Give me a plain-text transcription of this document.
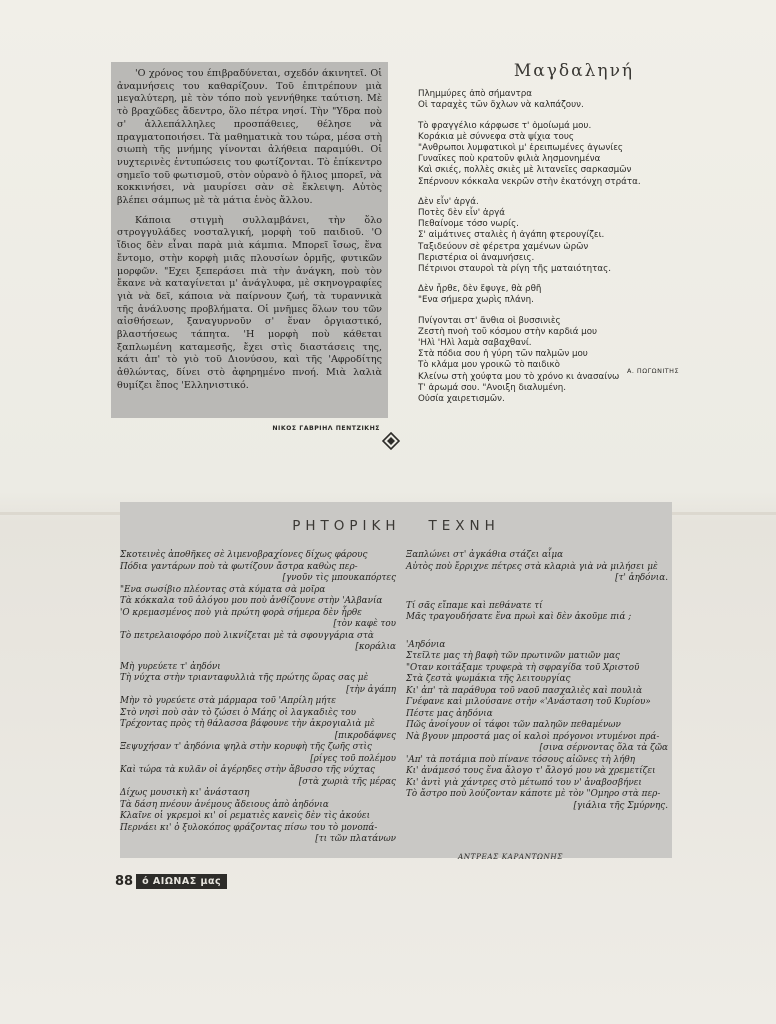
'Ο χρόνος του έπιβραδύνεται, σχεδόν άκινητεῖ. Οἱ ἀναμνήσεις του καθαρίζουν. Τοῦ ἐπιτρέπουν μιὰ μεγαλύτερη, μὲ τὸν τόπο ποὺ γεννήθηκε ταύτιση. Μὲ τὸ βραχῶδες ἄδεντρο, ὅλο πέτρα νησί. Τὴν "Υδρα ποὺ σ' ἀλλεπάλληλες προσπάθειες, θέλησε νὰ πραγματοποιήσει. Τὰ μαθηματικὰ του τώρα, μέσα στὴ σιωπὴ τῆς μνήμης γίνονται ἀλήθεια παραμύθι. Οἱ νυχτερινὲς ἐντυπώσεις του φωτίζονται. Τὸ ἐπίκεντρο σημεῖο τοῦ φωτισμοῦ, στὸν οὐρανὸ ὁ ἥλιος μπορεῖ, νὰ κοκκινήσει, νὰ μαυρίσει σὰν σὲ ἔκλειψη. Αὐτὸς βλέπει σάμπως μὲ τὰ μάτια ἑνὸς ἄλλου.

Κάποια στιγμὴ συλλαμβάνει, τὴν ὅλο στρογγυλάδες νοσταλγική, μορφὴ τοῦ παιδιοῦ. 'Ο ἴδιος δὲν εἶναι παρὰ μιὰ κάμπια. Μπορεῖ ἴσως, ἕνα ἔντομο, στὴν κορφὴ μιᾶς πλουσίων ὁρμῆς, φυτικῶν μορφῶν. "Εχει ξεπεράσει πιὰ τὴν ἀνάγκη, ποὺ τὸν ἔκανε νὰ καταγίνεται μ' ἀνάγλυφα, μὲ σκηνογραφίες γιὰ νὰ δεῖ, κάποια νὰ παίρνουν ζωή, τὰ τυραννικὰ τῆς ἀνάλυσης προβλήματα. Οἱ μνῆμες ὅλων του τῶν αἰσθήσεων, ξαναγυρνοῦν σ' ἕναν ὀργιαστικό, βλαστήσεως τάπητα. 'Η μορφὴ ποὺ κάθεται ξαπλωμένη καταμεσῆς, ἔχει στὶς διαστάσεις της, κάτι ἀπ' τὸ γιὸ τοῦ Διονύσου, καὶ τῆς 'Αφροδίτης ἀθλώντας, δίνει στὸ ἀφηρημένο πνοή. Μιὰ λαλιὰ θυμίζει ἔπος 'Ελληνιστικό.

ΝΙΚΟΣ ΓΑΒΡΙΗΛ ΠΕΝΤΖΙΚΗΣ
Μαγδαληνή
Πλημμύρες ἀπὸ σήμαντρα
Οἱ ταραχὲς τῶν ὄχλων νὰ καλπάζουν.
Τὸ φραγγέλιο κάρφωσε τ' ὁμοίωμά μου.
Κοράκια μὲ σύννεφα στὰ ψίχια τους
"Ανθρωποι λυμφατικοὶ μ' ἐρειπωμένες ἀγωνίες
Γυναῖκες ποὺ κρατοῦν φιλιὰ λησμονημένα
Καὶ σκιές, πολλὲς σκιὲς μὲ λιτανεῖες σαρκασμῶν
Σπέρνουν κόκκαλα νεκρῶν στὴν ἑκατόνχη στράτα.
Δὲν εἶν' ἀργά.
Ποτὲς δὲν εἶν' ἀργά
Πεθαίνομε τόσο νωρίς.
Σ' αἱμάτινες σταλιὲς ἡ ἀγάπη φτερουγίζει.
Ταξιδεύουν σὲ φέρετρα χαμένων ὡρῶν
Περιστέρια οἱ ἀναμνήσεις.
Πέτρινοι σταυροὶ τὰ ρίγη τῆς ματαιότητας.
Δὲν ἦρθε, δὲν ἔφυγε, θὰ ρθῆ
"Ενα σήμερα χωρὶς πλάνη.
Πνίγονται στ' ἄνθια οἱ βυσσινιὲς
Ζεστὴ πνοὴ τοῦ κόσμου στὴν καρδιά μου
'Ηλὶ 'Ηλὶ λαμὰ σαβαχθανί.
Στὰ πόδια σου ἡ γύρη τῶν παλμῶν μου
Τὸ κλάμα μου γροικῶ τὸ παιδικὸ
Κλείνω στὴ χούφτα μου τὸ χρόνο κι ἀνασαίνω
Τ' ἀρωμά σου. "Ανοιξη διαλυμένη.
Οὐσία χαιρετισμῶν.
Α. ΠΩΓΩΝΙΤΗΣ
ΡΗΤΟΡΙΚΗ ΤΕΧΝΗ
Σκοτεινὲς ἀποθῆκες σὲ λιμενοβραχίονες δίχως φάρους
Πόδια γαντάρων ποὺ τὰ φωτίζουν ἄστρα καθὼς περ-
[γνοῦν τὶς μπουκαπόρτες
"Ενα σωσίβιο πλέοντας στὰ κύματα σὰ μοῖρα
Τὰ κόκκαλα τοῦ ἀλόγου μου ποὺ ἀνθίζουνε στὴν 'Αλβανία
'Ο κρεμασμένος ποὺ γιὰ πρώτη φορὰ σήμερα δὲν ἦρθε
[τὸν καφὲ του
Τὸ πετρελαιοφόρο ποὺ λικνίζεται μὲ τὰ σφουγγάρια στὰ
[κοράλια
Μὴ γυρεύετε τ' ἀηδόνι
Τὴ νύχτα στὴν τριανταφυλλιὰ τῆς πρώτης ὥρας σας μὲ
[τὴν ἀγάπη
Μὴν τὸ γυρεύετε στὰ μάρμαρα τοῦ 'Απρίλη μήτε
Στὸ νησὶ ποὺ σὰν τὸ ζώσει ὁ Μάης οἱ λαγκαδιὲς του
Τρέχοντας πρὸς τὴ θάλασσα βάφουνε τὴν ἀκρογιαλιὰ μὲ
[πικροδάφνες
Ξεψυχήσαν τ' ἀηδόνια ψηλὰ στὴν κορυφὴ τῆς ζωῆς στὶς
[ρίγες τοῦ πολέμου
Καὶ τώρα τὰ κυλᾶν οἱ ἀγέρηδες στὴν ἄβυσσο τῆς νύχτας
[στὰ χωριὰ τῆς μέρας
Δίχως μουσικὴ κι' ἀνάσταση
Τὰ δάση πνέουν ἀνέμους ἄδειους ἀπὸ ἀηδόνια
Κλαῖνε οἱ γκρεμοὶ κι' οἱ ρεματιὲς κανεὶς δὲν τὶς ἀκούει
Περνάει κι' ὁ ξυλοκόπος φράζοντας πίσω του τὸ μονοπά-
[τι τῶν πλατάνων
Ξαπλώνει στ' ἀγκάθια στάζει αἷμα
Αὐτὸς ποὺ ἔρριχνε πέτρες στὰ κλαριὰ γιὰ νὰ μιλήσει μὲ
[τ' ἀηδόνια.
Τί σᾶς εἴπαμε καὶ πεθάνατε τί
Μᾶς τραγουδήσατε ἕνα πρωὶ καὶ δὲν ἀκοῦμε πιά ;
'Αηδόνια
Στεῖλτε μας τὴ βαφὴ τῶν πρωτινῶν ματιῶν μας
"Οταν κοιτάξαμε τρυφερὰ τὴ σφραγίδα τοῦ Χριστοῦ
Στὰ ζεστὰ ψωμάκια τῆς λειτουργίας
Κι' ἀπ' τὰ παράθυρα τοῦ ναοῦ πασχαλιὲς καὶ πουλιὰ
Γνέφανε καὶ μιλούσανε στὴν «'Ανάσταση τοῦ Κυρίου»
Πέστε μας ἀηδόνια
Πῶς ἀνοίγουν οἱ τάφοι τῶν παληῶν πεθαμένων
Νὰ βγουν μπροστά μας οἱ καλοὶ πρόγονοι ντυμένοι πρά-
[σινα σέρνοντας ὅλα τὰ ζῶα
'Απ' τὰ ποτάμια ποὺ πίνανε τόσους αἰῶνες τὴ λήθη
Κι' ἀνάμεσό τους ἕνα ἄλογο τ' ἄλογό μου νὰ χρεμετίζει
Κι' ἀντὶ γιὰ χάντρες στὸ μέτωπό του ν' ἀναβοσβήνει
Τὸ ἄστρο ποὺ λούζονταν κάποτε μὲ τὸν "Ομηρο στὰ περ-
[γιάλια τῆς Σμύρνης.
ΑΝΤΡΕΑΣ ΚΑΡΑΝΤΩΝΗΣ
88 ό ΑΙΩΝΑΣ μας
